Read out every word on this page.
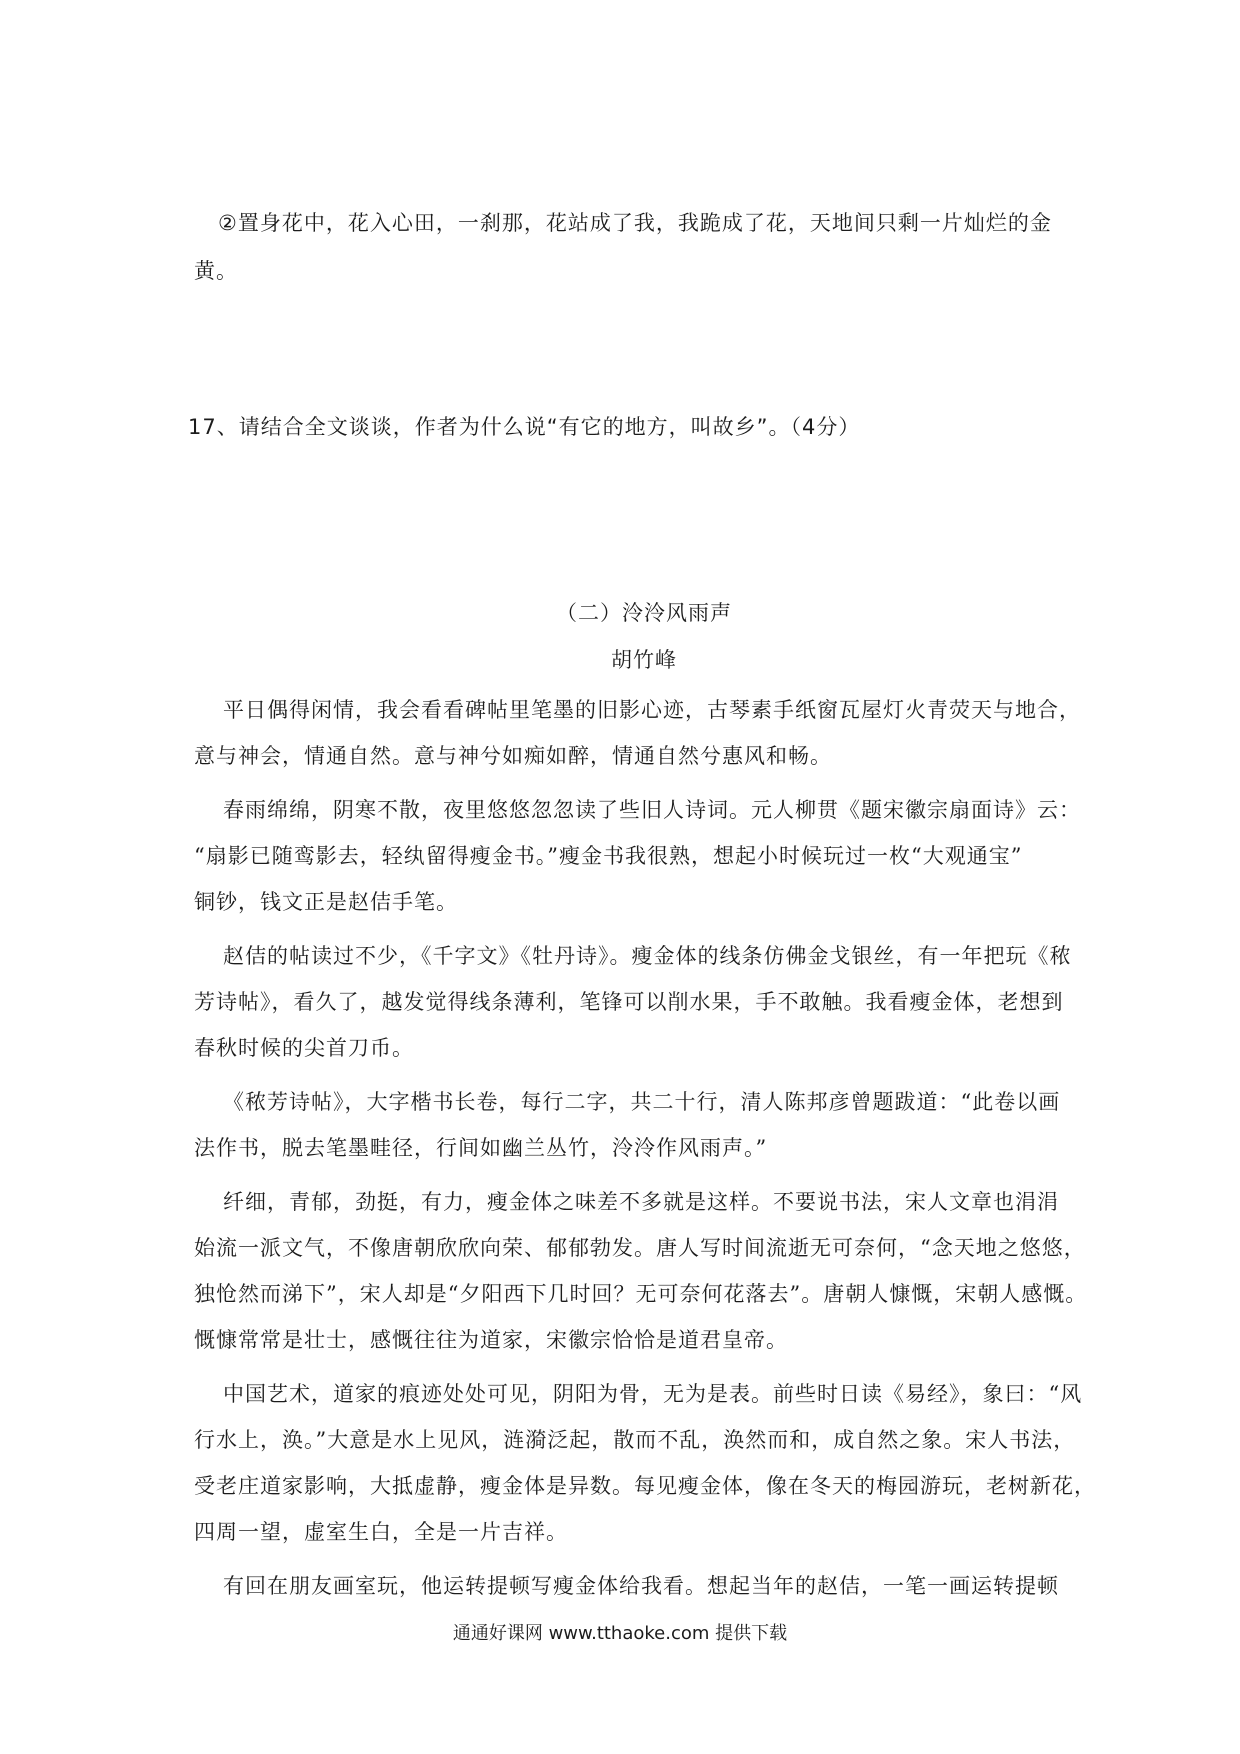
②置身花中，花入心田，一刹那，花站成了我，我跪成了花，天地间只剩一片灿烂的金
黄。
17、请结合全文谈谈，作者为什么说“有它的地方，叫故乡”。（4分）
（二）泠泠风雨声
胡竹峰
平日偶得闲情，我会看看碑帖里笔墨的旧影心迹，古琴素手纸窗瓦屋灯火青荧天与地合，
意与神会，情通自然。意与神兮如痴如醉，情通自然兮惠风和畅。
春雨绵绵，阴寒不散，夜里悠悠忽忽读了些旧人诗词。元人柳贯《题宋徽宗扇面诗》云：
“扇影已随鸾影去，轻纨留得瘦金书。”瘦金书我很熟，想起小时候玩过一枚“大观通宝”
铜钞，钱文正是赵佶手笔。
赵佶的帖读过不少，《千字文》《牡丹诗》。瘦金体的线条仿佛金戈银丝，有一年把玩《秾
芳诗帖》，看久了，越发觉得线条薄利，笔锋可以削水果，手不敢触。我看瘦金体，老想到
春秋时候的尖首刀币。
《秾芳诗帖》，大字楷书长卷，每行二字，共二十行，清人陈邦彦曾题跋道：“此卷以画
法作书，脱去笔墨畦径，行间如幽兰丛竹，泠泠作风雨声。”
纤细，青郁，劲挺，有力，瘦金体之味差不多就是这样。不要说书法，宋人文章也涓涓
始流一派文气，不像唐朝欣欣向荣、郁郁勃发。唐人写时间流逝无可奈何，“念天地之悠悠，
独怆然而涕下”，宋人却是“夕阳西下几时回？无可奈何花落去”。唐朝人慷慨，宋朝人感慨。
慨慷常常是壮士，感慨往往为道家，宋徽宗恰恰是道君皇帝。
中国艺术，道家的痕迹处处可见，阴阳为骨，无为是表。前些时日读《易经》，象曰：“风
行水上，涣。”大意是水上见风，涟漪泛起，散而不乱，涣然而和，成自然之象。宋人书法，
受老庄道家影响，大抵虚静，瘦金体是异数。每见瘦金体，像在冬天的梅园游玩，老树新花，
四周一望，虚室生白，全是一片吉祥。
有回在朋友画室玩，他运转提顿写瘦金体给我看。想起当年的赵佶，一笔一画运转提顿
通通好课网 www.tthaoke.com 提供下载
